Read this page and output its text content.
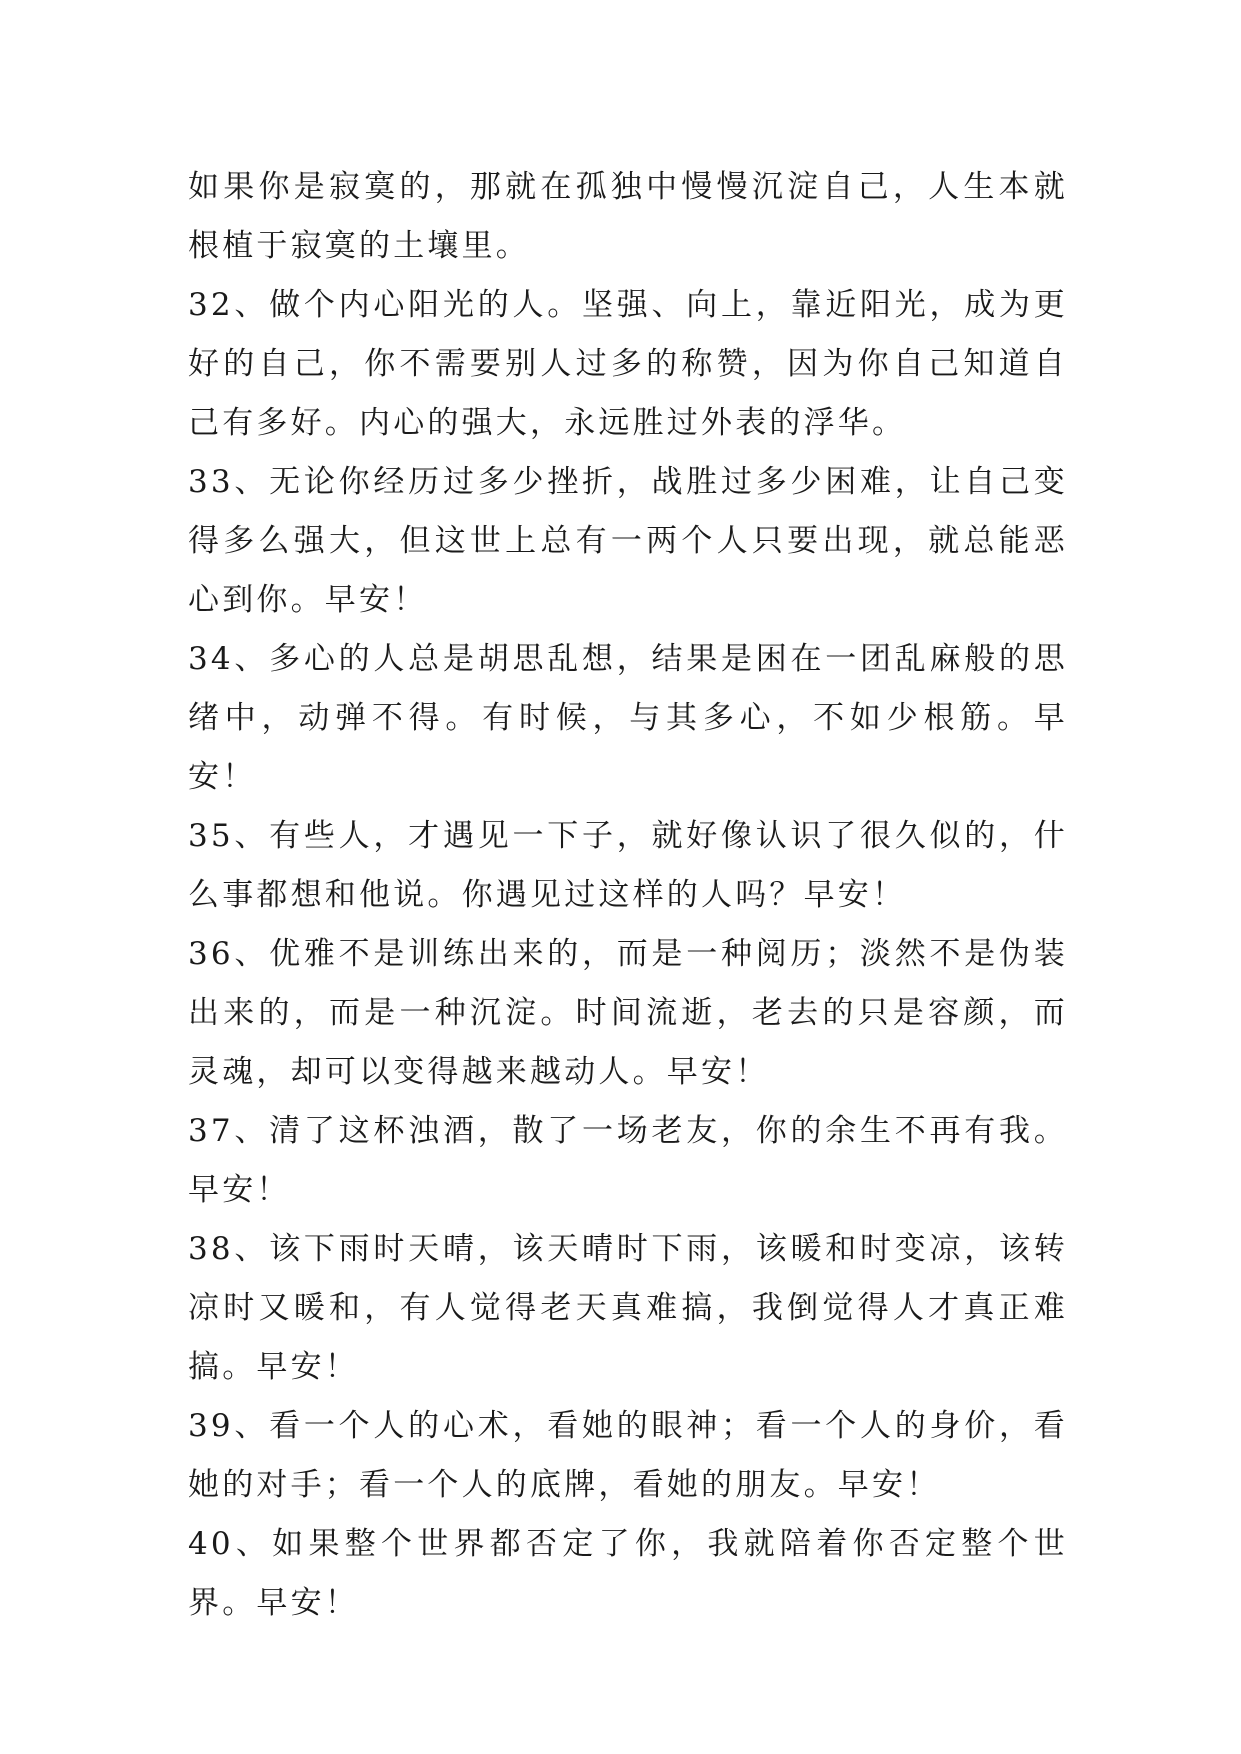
如果你是寂寞的，那就在孤独中慢慢沉淀自己，人生本就根植于寂寞的土壤里。

32、做个内心阳光的人。坚强、向上，靠近阳光，成为更好的自己，你不需要别人过多的称赞，因为你自己知道自己有多好。内心的强大，永远胜过外表的浮华。

33、无论你经历过多少挫折，战胜过多少困难，让自己变得多么强大，但这世上总有一两个人只要出现，就总能恶心到你。早安！

34、多心的人总是胡思乱想，结果是困在一团乱麻般的思绪中，动弹不得。有时候，与其多心，不如少根筋。早安！

35、有些人，才遇见一下子，就好像认识了很久似的，什么事都想和他说。你遇见过这样的人吗？早安！

36、优雅不是训练出来的，而是一种阅历；淡然不是伪装出来的，而是一种沉淀。时间流逝，老去的只是容颜，而灵魂，却可以变得越来越动人。早安！

37、清了这杯浊酒，散了一场老友，你的余生不再有我。早安！

38、该下雨时天晴，该天晴时下雨，该暖和时变凉，该转凉时又暖和，有人觉得老天真难搞，我倒觉得人才真正难搞。早安！

39、看一个人的心术，看她的眼神；看一个人的身价，看她的对手；看一个人的底牌，看她的朋友。早安！

40、如果整个世界都否定了你，我就陪着你否定整个世界。早安！
